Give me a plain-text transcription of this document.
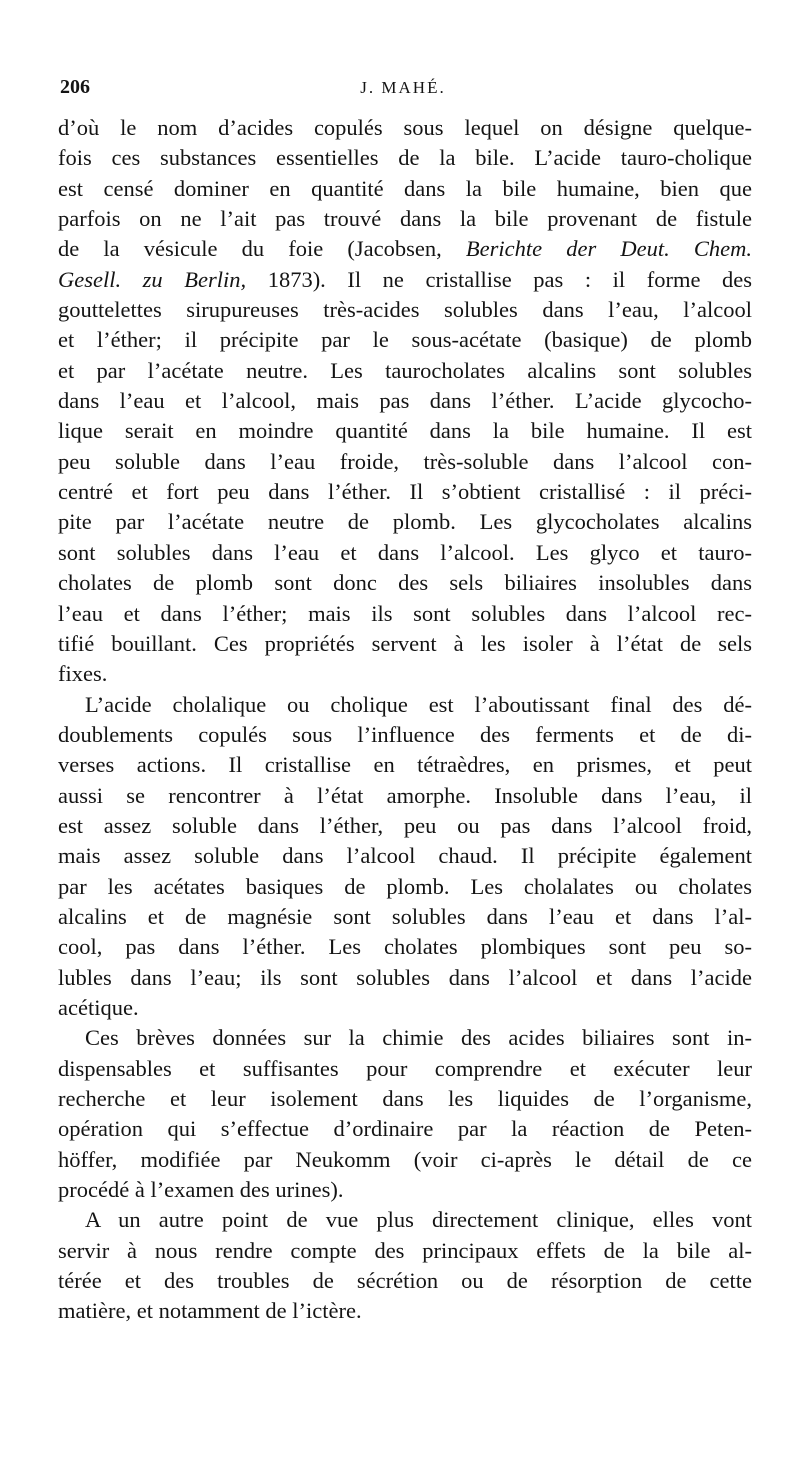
206	J. MAHÉ.
d’où le nom d’acides copulés sous lequel on désigne quelque-
fois ces substances essentielles de la bile. L’acide tauro-cholique
est censé dominer en quantité dans la bile humaine, bien que
parfois on ne l’ait pas trouvé dans la bile provenant de fistule
de la vésicule du foie (Jacobsen, Berichte der Deut. Chem.
Gesell. zu Berlin, 1873). Il ne cristallise pas : il forme des
gouttelettes sirupureuses très-acides solubles dans l’eau, l’alcool
et l’éther; il précipite par le sous-acétate (basique) de plomb
et par l’acétate neutre. Les taurocholates alcalins sont solubles
dans l’eau et l’alcool, mais pas dans l’éther. L’acide glycocho-
lique serait en moindre quantité dans la bile humaine. Il est
peu soluble dans l’eau froide, très-soluble dans l’alcool con-
centré et fort peu dans l’éther. Il s’obtient cristallisé : il préci-
pite par l’acétate neutre de plomb. Les glycocholates alcalins
sont solubles dans l’eau et dans l’alcool. Les glyco et tauro-
cholates de plomb sont donc des sels biliaires insolubles dans
l’eau et dans l’éther; mais ils sont solubles dans l’alcool rec-
tifié bouillant. Ces propriétés servent à les isoler à l’état de sels
fixes.
L’acide cholalique ou cholique est l’aboutissant final des dé-
doublements copulés sous l’influence des ferments et de di-
verses actions. Il cristallise en tétraèdres, en prismes, et peut
aussi se rencontrer à l’état amorphe. Insoluble dans l’eau, il
est assez soluble dans l’éther, peu ou pas dans l’alcool froid,
mais assez soluble dans l’alcool chaud. Il précipite également
par les acétates basiques de plomb. Les cholalates ou cholates
alcalins et de magnésie sont solubles dans l’eau et dans l’al-
cool, pas dans l’éther. Les cholates plombiques sont peu so-
lubles dans l’eau; ils sont solubles dans l’alcool et dans l’acide
acétique.
Ces brèves données sur la chimie des acides biliaires sont in-
dispensables et suffisantes pour comprendre et exécuter leur
recherche et leur isolement dans les liquides de l’organisme,
opération qui s’effectue d’ordinaire par la réaction de Peten-
höffer, modifiée par Neukomm (voir ci-après le détail de ce
procédé à l’examen des urines).
A un autre point de vue plus directement clinique, elles vont
servir à nous rendre compte des principaux effets de la bile al-
térée et des troubles de sécrétion ou de résorption de cette
matière, et notamment de l’ictère.
